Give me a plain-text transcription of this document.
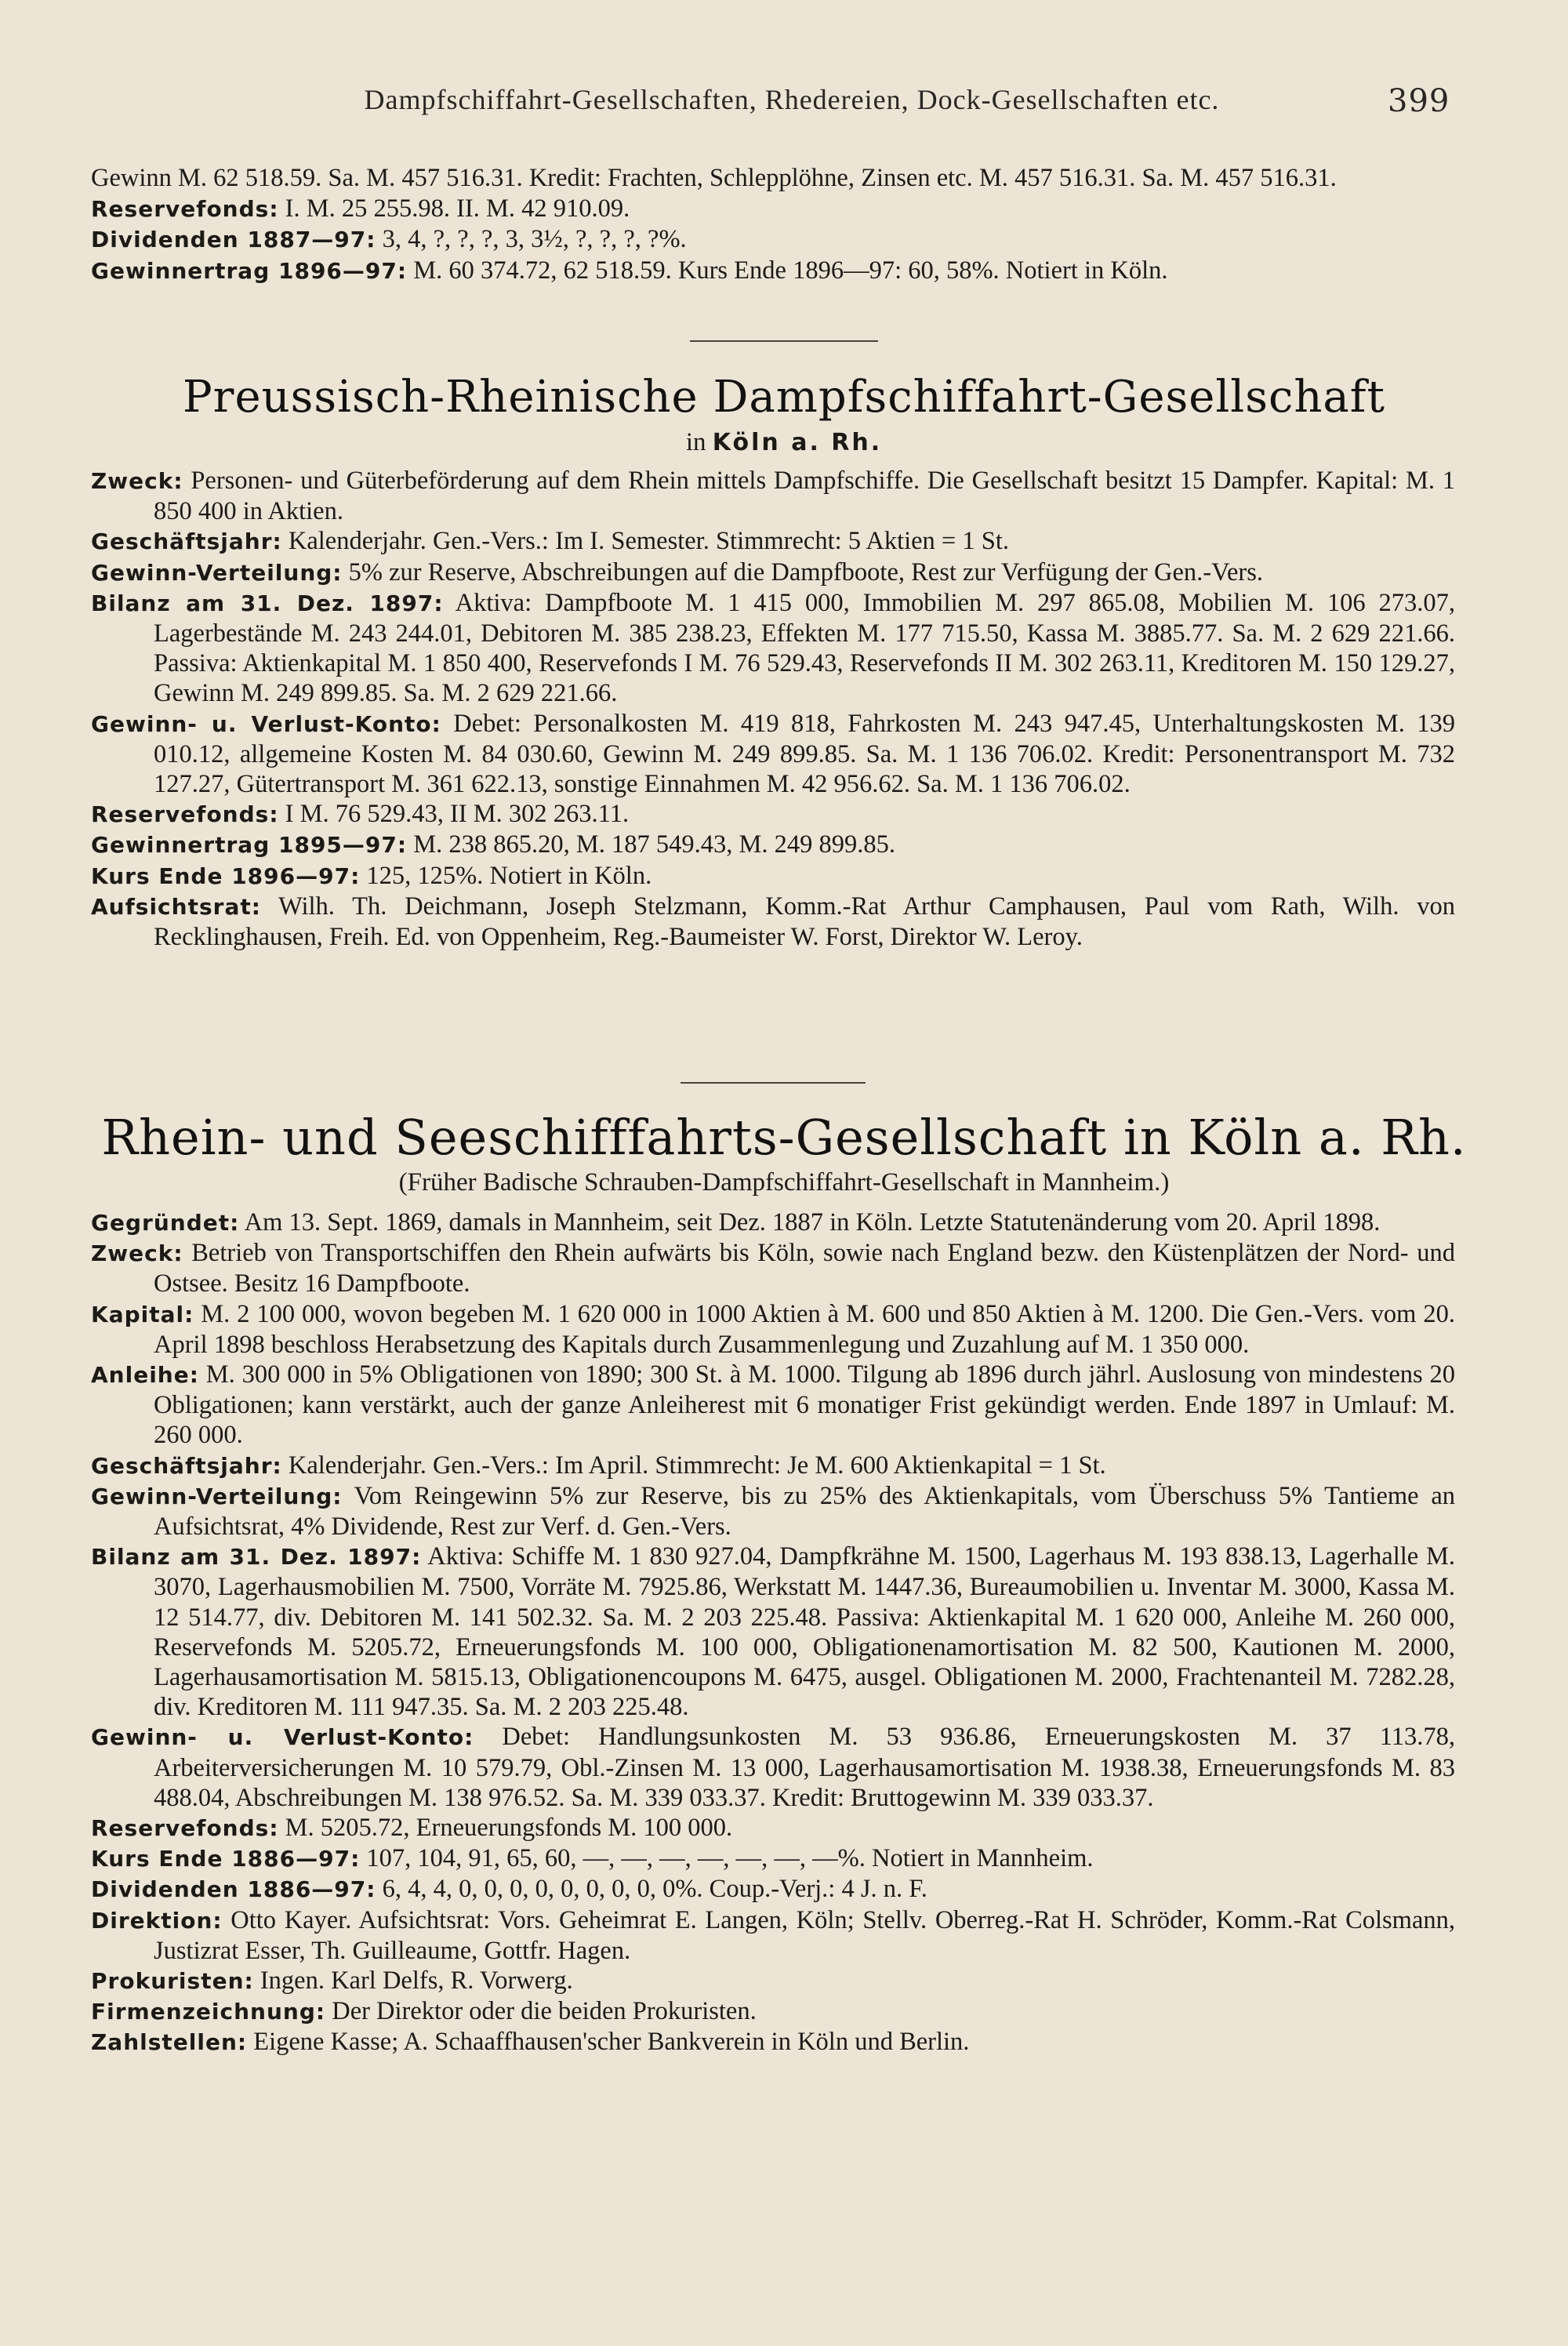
Dampfschiffahrt-Gesellschaften, Rhedereien, Dock-Gesellschaften etc.	399

Gewinn M. 62 518.59. Sa. M. 457 516.31. Kredit: Frachten, Schlepplöhne, Zinsen etc. M. 457 516.31. Sa. M. 457 516.31.

Reservefonds: I. M. 25 255.98. II. M. 42 910.09.

Dividenden 1887—97: 3, 4, ?, ?, ?, 3, 3½, ?, ?, ?, ?%.

Gewinnertrag 1896—97: M. 60 374.72, 62 518.59. Kurs Ende 1896—97: 60, 58%. Notiert in Köln.

Preussisch-Rheinische Dampfschiffahrt-Gesellschaft
in Köln a. Rh.

Zweck: Personen- und Güterbeförderung auf dem Rhein mittels Dampfschiffe. Die Gesellschaft besitzt 15 Dampfer. Kapital: M. 1 850 400 in Aktien.

Geschäftsjahr: Kalenderjahr. Gen.-Vers.: Im I. Semester. Stimmrecht: 5 Aktien = 1 St.

Gewinn-Verteilung: 5% zur Reserve, Abschreibungen auf die Dampfboote, Rest zur Verfügung der Gen.-Vers.

Bilanz am 31. Dez. 1897: Aktiva: Dampfboote M. 1 415 000, Immobilien M. 297 865.08, Mobilien M. 106 273.07, Lagerbestände M. 243 244.01, Debitoren M. 385 238.23, Effekten M. 177 715.50, Kassa M. 3885.77. Sa. M. 2 629 221.66. Passiva: Aktienkapital M. 1 850 400, Reservefonds I M. 76 529.43, Reservefonds II M. 302 263.11, Kreditoren M. 150 129.27, Gewinn M. 249 899.85. Sa. M. 2 629 221.66.

Gewinn- u. Verlust-Konto: Debet: Personalkosten M. 419 818, Fahrkosten M. 243 947.45, Unterhaltungskosten M. 139 010.12, allgemeine Kosten M. 84 030.60, Gewinn M. 249 899.85. Sa. M. 1 136 706.02. Kredit: Personentransport M. 732 127.27, Gütertransport M. 361 622.13, sonstige Einnahmen M. 42 956.62. Sa. M. 1 136 706.02.

Reservefonds: I M. 76 529.43, II M. 302 263.11.

Gewinnertrag 1895—97: M. 238 865.20, M. 187 549.43, M. 249 899.85.

Kurs Ende 1896—97: 125, 125%. Notiert in Köln.

Aufsichtsrat: Wilh. Th. Deichmann, Joseph Stelzmann, Komm.-Rat Arthur Camphausen, Paul vom Rath, Wilh. von Recklinghausen, Freih. Ed. von Oppenheim, Reg.-Baumeister W. Forst, Direktor W. Leroy.

Rhein- und Seeschifffahrts-Gesellschaft in Köln a. Rh.
(Früher Badische Schrauben-Dampfschiffahrt-Gesellschaft in Mannheim.)

Gegründet: Am 13. Sept. 1869, damals in Mannheim, seit Dez. 1887 in Köln. Letzte Statutenänderung vom 20. April 1898.

Zweck: Betrieb von Transportschiffen den Rhein aufwärts bis Köln, sowie nach England bezw. den Küstenplätzen der Nord- und Ostsee. Besitz 16 Dampfboote.

Kapital: M. 2 100 000, wovon begeben M. 1 620 000 in 1000 Aktien à M. 600 und 850 Aktien à M. 1200. Die Gen.-Vers. vom 20. April 1898 beschloss Herabsetzung des Kapitals durch Zusammenlegung und Zuzahlung auf M. 1 350 000.

Anleihe: M. 300 000 in 5% Obligationen von 1890; 300 St. à M. 1000. Tilgung ab 1896 durch jährl. Auslosung von mindestens 20 Obligationen; kann verstärkt, auch der ganze Anleiherest mit 6 monatiger Frist gekündigt werden. Ende 1897 in Umlauf: M. 260 000.

Geschäftsjahr: Kalenderjahr. Gen.-Vers.: Im April. Stimmrecht: Je M. 600 Aktienkapital = 1 St.

Gewinn-Verteilung: Vom Reingewinn 5% zur Reserve, bis zu 25% des Aktienkapitals, vom Überschuss 5% Tantieme an Aufsichtsrat, 4% Dividende, Rest zur Verf. d. Gen.-Vers.

Bilanz am 31. Dez. 1897: Aktiva: Schiffe M. 1 830 927.04, Dampfkrähne M. 1500, Lagerhaus M. 193 838.13, Lagerhalle M. 3070, Lagerhausmobilien M. 7500, Vorräte M. 7925.86, Werkstatt M. 1447.36, Bureaumobilien u. Inventar M. 3000, Kassa M. 12 514.77, div. Debitoren M. 141 502.32. Sa. M. 2 203 225.48. Passiva: Aktienkapital M. 1 620 000, Anleihe M. 260 000, Reservefonds M. 5205.72, Erneuerungsfonds M. 100 000, Obligationenamortisation M. 82 500, Kautionen M. 2000, Lagerhausamortisation M. 5815.13, Obligationencoupons M. 6475, ausgel. Obligationen M. 2000, Frachtenanteil M. 7282.28, div. Kreditoren M. 111 947.35. Sa. M. 2 203 225.48.

Gewinn- u. Verlust-Konto: Debet: Handlungsunkosten M. 53 936.86, Erneuerungskosten M. 37 113.78, Arbeiterversicherungen M. 10 579.79, Obl.-Zinsen M. 13 000, Lagerhausamortisation M. 1938.38, Erneuerungsfonds M. 83 488.04, Abschreibungen M. 138 976.52. Sa. M. 339 033.37. Kredit: Bruttogewinn M. 339 033.37.

Reservefonds: M. 5205.72, Erneuerungsfonds M. 100 000.

Kurs Ende 1886—97: 107, 104, 91, 65, 60, —, —, —, —, —, —, —%. Notiert in Mannheim.

Dividenden 1886—97: 6, 4, 4, 0, 0, 0, 0, 0, 0, 0, 0, 0%. Coup.-Verj.: 4 J. n. F.

Direktion: Otto Kayer. Aufsichtsrat: Vors. Geheimrat E. Langen, Köln; Stellv. Oberreg.-Rat H. Schröder, Komm.-Rat Colsmann, Justizrat Esser, Th. Guilleaume, Gottfr. Hagen.

Prokuristen: Ingen. Karl Delfs, R. Vorwerg.

Firmenzeichnung: Der Direktor oder die beiden Prokuristen.

Zahlstellen: Eigene Kasse; A. Schaaffhausen'scher Bankverein in Köln und Berlin.
